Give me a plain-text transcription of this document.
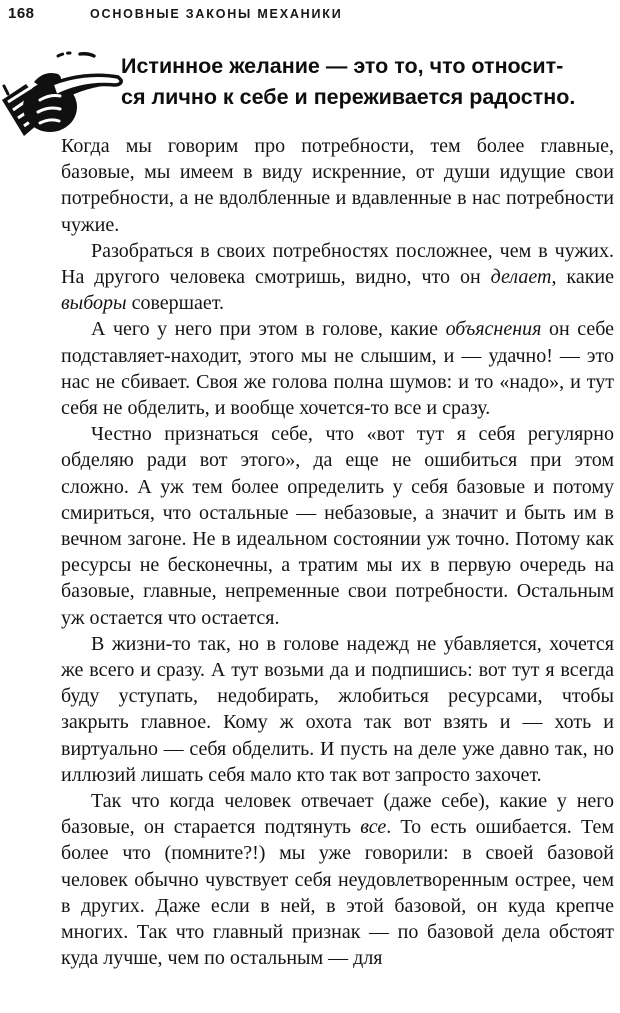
168	ОСНОВНЫЕ ЗАКОНЫ МЕХАНИКИ
Истинное желание — это то, что относит-
ся лично к себе и переживается радостно.

Когда мы говорим про потребности, тем более главные, базовые, мы имеем в виду искренние, от души идущие свои потребности, а не вдолбленные и вдавленные в нас потребности чужие.

Разобраться в своих потребностях посложнее, чем в чужих. На другого человека смотришь, видно, что он делает, какие выборы совершает.

А чего у него при этом в голове, какие объяснения он себе подставляет-находит, этого мы не слышим, и — удачно! — это нас не сбивает. Своя же голова полна шумов: и то «надо», и тут себя не обделить, и вообще хочется-то все и сразу.

Честно признаться себе, что «вот тут я себя регулярно обделяю ради вот этого», да еще не ошибиться при этом сложно. А уж тем более определить у себя базовые и потому смириться, что остальные — небазовые, а значит и быть им в вечном загоне. Не в идеальном состоянии уж точно. Потому как ресурсы не бесконечны, а тратим мы их в первую очередь на базовые, главные, непременные свои потребности. Остальным уж остается что остается.

В жизни-то так, но в голове надежд не убавляется, хочется же всего и сразу. А тут возьми да и подпишись: вот тут я всегда буду уступать, недобирать, жлобиться ресурсами, чтобы закрыть главное. Кому ж охота так вот взять и — хоть и виртуально — себя обделить. И пусть на деле уже давно так, но иллюзий лишать себя мало кто так вот запросто захочет.

Так что когда человек отвечает (даже себе), какие у него базовые, он старается подтянуть все. То есть ошибается. Тем более что (помните?!) мы уже говорили: в своей базовой человек обычно чувствует себя неудовлетворенным острее, чем в других. Даже если в ней, в этой базовой, он куда крепче многих. Так что главный признак — по базовой дела обстоят куда лучше, чем по остальным — для
